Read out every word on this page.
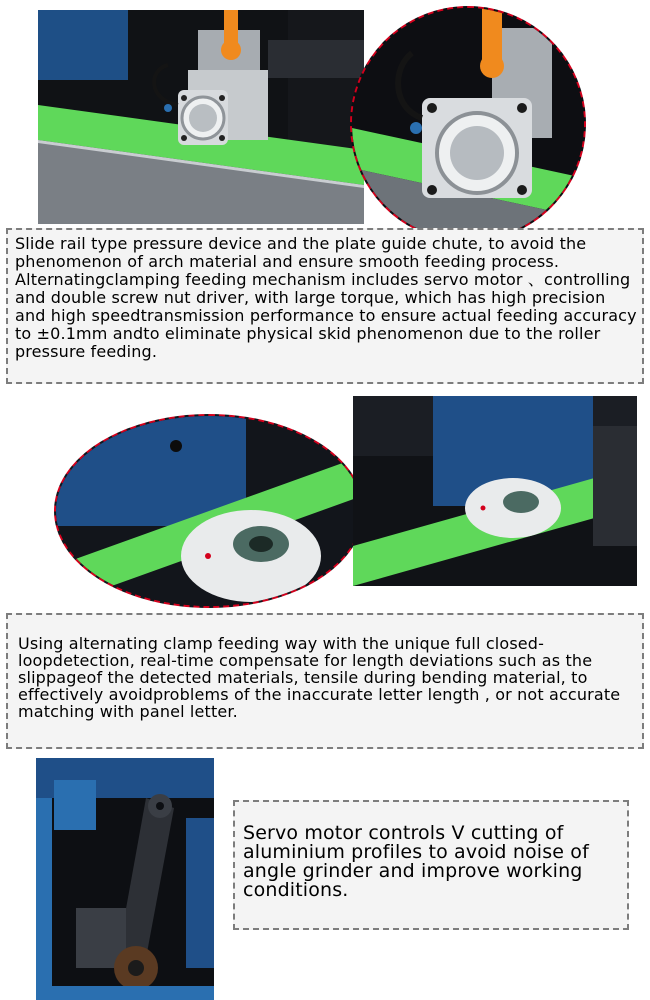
Slide rail type pressure device and the plate guide chute, to avoid the phenomenon of arch material and ensure smooth feeding process. Alternatingclamping feeding mechanism includes servo motor 、controlling and double screw nut driver, with large torque, which has high precision and high speedtransmission performance to ensure actual feeding accuracy to ±0.1mm andto eliminate physical skid phenomenon due to the roller pressure feeding.

Using alternating clamp feeding way with the unique full closed-loopdetection, real-time compensate for length deviations such as the slippageof the detected materials, tensile during bending material, to effectively avoidproblems of the inaccurate letter length , or not accurate matching with panel letter.

Servo motor controls V cutting of aluminium profiles to avoid noise of angle grinder and improve working conditions.
